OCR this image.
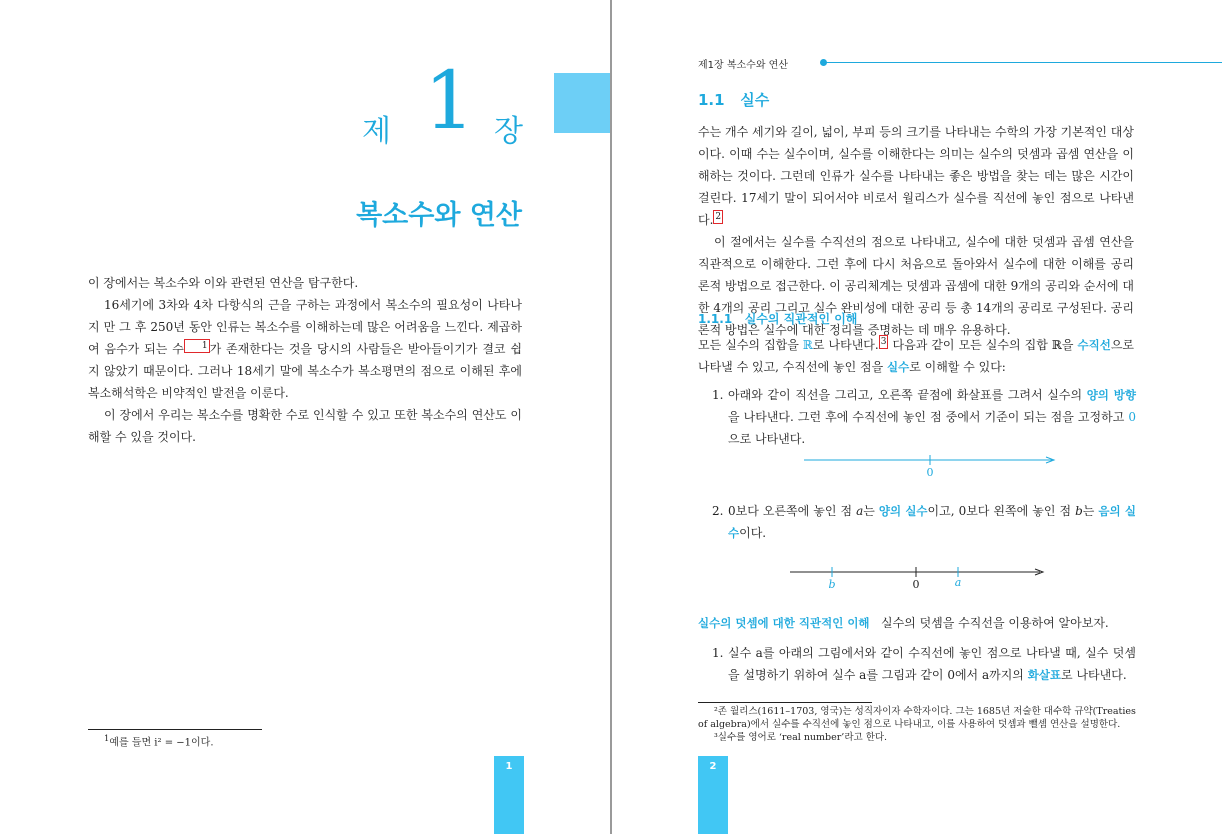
제 1 장
복소수와 연산

이 장에서는 복소수와 이와 관련된 연산을 탐구한다.

16세기에 3차와 4차 다항식의 근을 구하는 과정에서 복소수의 필요성이 나타나지 만 그 후 250년 동안 인류는 복소수를 이해하는데 많은 어려움을 느낀다. 제곱하여 음수가 되는 수 1 가 존재한다는 것을 당시의 사람들은 받아들이기가 결코 쉽지 않았기 때문이다. 그러나 18세기 말에 복소수가 복소평면의 점으로 이해된 후에 복소해석학은 비약적인 발전을 이룬다.

이 장에서 우리는 복소수를 명확한 수로 인식할 수 있고 또한 복소수의 연산도 이해할 수 있을 것이다.

$^1$예를 들면 i² = −1이다.
1
제1장 복소수와 연산
1.1 실수

수는 개수 세기와 길이, 넓이, 부피 등의 크기를 나타내는 수학의 가장 기본적인 대상이다. 이때 수는 실수이며, 실수를 이해한다는 의미는 실수의 덧셈과 곱셈 연산을 이해하는 것이다. 그런데 인류가 실수를 나타내는 좋은 방법을 찾는 데는 많은 시간이 걸린다. 17세기 말이 되어서야 비로서 월리스가 실수를 직선에 놓인 점으로 나타낸다. 2

이 절에서는 실수를 수직선의 점으로 나타내고, 실수에 대한 덧셈과 곱셈 연산을 직관적으로 이해한다. 그런 후에 다시 처음으로 돌아와서 실수에 대한 이해를 공리론적 방법으로 접근한다. 이 공리체계는 덧셈과 곱셈에 대한 9개의 공리와 순서에 대한 4개의 공리 그리고 실수 완비성에 대한 공리 등 총 14개의 공리로 구성된다. 공리론적 방법은 실수에 대한 정리를 증명하는 데 매우 유용하다.

1.1.1 실수의 직관적인 이해

모든 실수의 집합을 ℝ로 나타낸다. 3 다음과 같이 모든 실수의 집합 ℝ을 수직선으로 나타낼 수 있고, 수직선에 놓인 점을 실수로 이해할 수 있다:

1. 아래와 같이 직선을 그리고, 오른쪽 끝점에 화살표를 그려서 실수의 양의 방향을 나타낸다. 그런 후에 수직선에 놓인 점 중에서 기준이 되는 점을 고정하고 0으로 나타낸다.
0
2. 0보다 오른쪽에 놓인 점 a는 양의 실수이고, 0보다 왼쪽에 놓인 점 b는 음의 실수이다.
b	0	a
실수의 덧셈에 대한 직관적인 이해 실수의 덧셈을 수직선을 이용하여 알아보자.
1. 실수 a를 아래의 그림에서와 같이 수직선에 놓인 점으로 나타낼 때, 실수 덧셈을 설명하기 위하여 실수 a를 그림과 같이 0에서 a까지의 화살표로 나타낸다.

²존 월리스(1611–1703, 영국)는 성직자이자 수학자이다. 그는 1685년 저술한 대수학 규약(Treaties of algebra)에서 실수를 수직선에 놓인 점으로 나타내고, 이를 사용하여 덧셈과 뺄셈 연산을 설명한다.

³실수를 영어로 ‘real number’라고 한다.

2
